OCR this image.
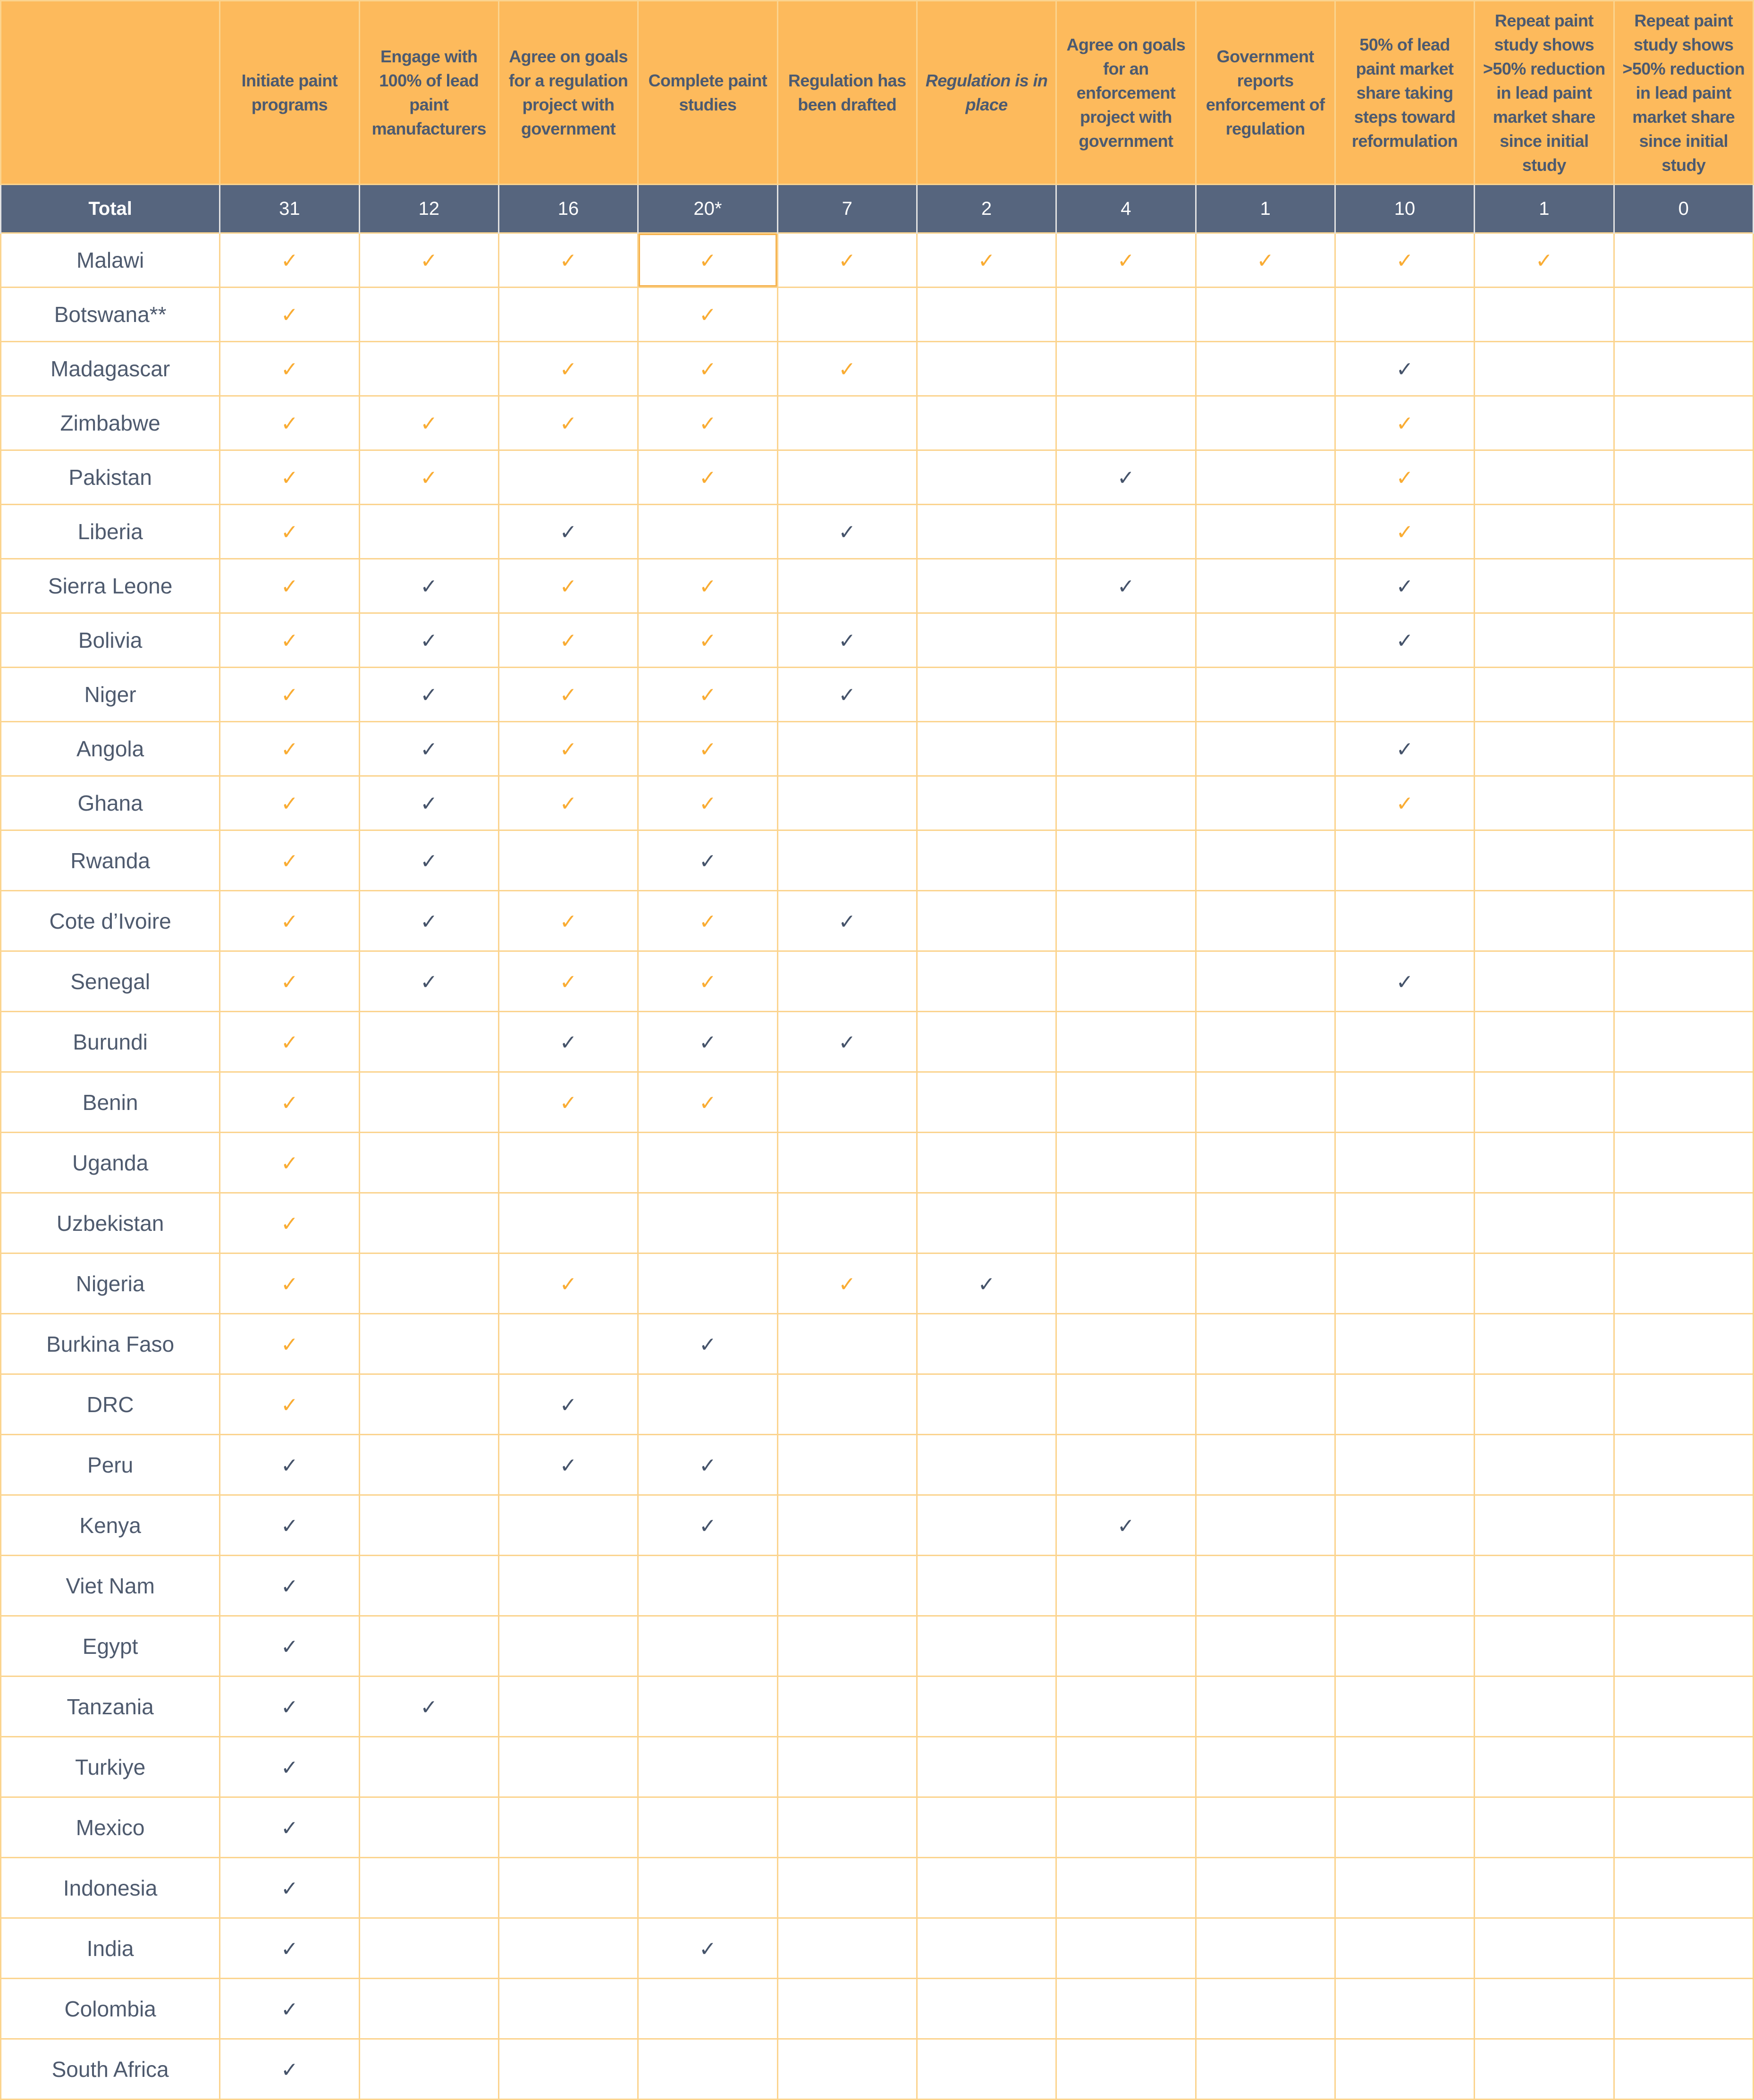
	Initiate paint programs	Engage with 100% of lead paint manufacturers	Agree on goals for a regulation project with government	Complete paint studies	Regulation has been drafted	Regulation is in place	Agree on goals for an enforcement project with government	Government reports enforcement of regulation	50% of lead paint market share taking steps toward reformulation	Repeat paint study shows >50% reduction in lead paint market share since initial study	Repeat paint study shows >50% reduction in lead paint market share since initial study
Total	31	12	16	20*	7	2	4	1	10	1	0
Malawi	✓	✓	✓	✓	✓	✓	✓	✓	✓	✓	
Botswana**	✓			✓							
Madagascar	✓		✓	✓	✓				✓		
Zimbabwe	✓	✓	✓	✓					✓		
Pakistan	✓	✓		✓			✓		✓		
Liberia	✓		✓		✓				✓		
Sierra Leone	✓	✓	✓	✓			✓		✓		
Bolivia	✓	✓	✓	✓	✓				✓		
Niger	✓	✓	✓	✓	✓						
Angola	✓	✓	✓	✓					✓		
Ghana	✓	✓	✓	✓					✓		
Rwanda	✓	✓		✓							
Cote d’Ivoire	✓	✓	✓	✓	✓						
Senegal	✓	✓	✓	✓					✓		
Burundi	✓		✓	✓	✓						
Benin	✓		✓	✓							
Uganda	✓										
Uzbekistan	✓										
Nigeria	✓		✓		✓	✓					
Burkina Faso	✓			✓							
DRC	✓		✓								
Peru	✓		✓	✓							
Kenya	✓			✓			✓				
Viet Nam	✓										
Egypt	✓										
Tanzania	✓	✓									
Turkiye	✓										
Mexico	✓										
Indonesia	✓										
India	✓			✓							
Colombia	✓										
South Africa	✓										
